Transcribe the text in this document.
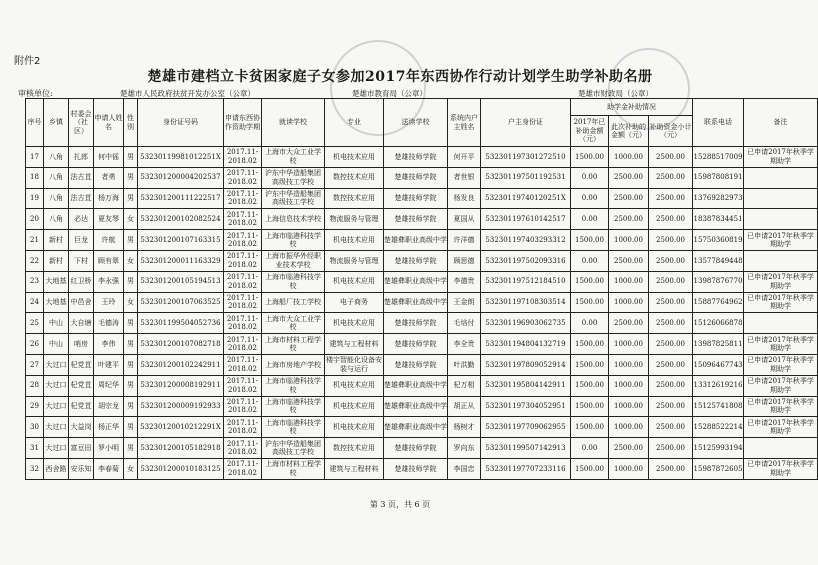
附件2
楚雄市建档立卡贫困家庭子女参加2017年东西协作行动计划学生助学补助名册
审核单位:	楚雄市人民政府扶贫开发办公室（公章）	楚雄市教育局（公章）	楚雄市财政局（公章）
序号	乡镇	村委会（社区）	申请人姓名	性别	身份证号码	申请东西协作资助学期	就读学校	专业	送读学校	系统内户主姓名	户主身份证	助学金补助情况			联系电话	备注
												2017年已补助金额（元）	此次补助的金额（元）	补助资金小计（元）		
17	八角	扎郎	何中徭	男	53230119981012251X	2017.11-2018.02	上海市大众工业学校	机电技术应用	楚雄技师学院	何开平	532301197301272510	1500.00	1000.00	2500.00	15288517009	已申请2017年秋季学期助学
18	八角	法古苴	者勇	男	532301200004202537	2017.11-2018.02	沪东中华造船集团高级技工学校	数控技术应用	楚雄技师学院	者世银	532301197501192531	0.00	2500.00	2500.00	15987808191	
19	八角	法古苴	杨万海	男	532301200111222517	2017.11-2018.02	沪东中华造船集团高级技工学校	数控技术应用	楚雄技师学院	杨发良	53230119740120251X	0.00	2500.00	2500.00	13769282973	
20	八角	必达	夏友琴	女	532301200102082524	2017.11-2018.02	上海信息技术学校	物流服务与管理	楚雄技师学院	夏国从	532301197610142517	0.00	2500.00	2500.00	18387834451	
21	新村	巨龙	许航	男	532301200107163315	2017.11-2018.02	上海市临港科技学校	机电技术应用	楚雄彝职业高级中学	许洋德	532301197403293312	1500.00	1000.00	2500.00	15750360819	已申请2017年秋季学期助学
22	新村	下村	顾有翠	女	532301200011163329	2017.11-2018.02	上海市振华外经职业技术学校	物流服务与管理	楚雄技师学院	顾思德	532301197502093316	0.00	2500.00	2500.00	13577849448	
23	大地基	红卫桥	李永强	男	532301200105194513	2017.11-2018.02	上海市临港科技学校	机电技术应用	楚雄彝职业高级中学	李德贵	532301197512184510	1500.00	1000.00	2500.00	13987876770	已申请2017年秋季学期助学
24	大地基	中邑舍	王玲	女	532301200107063525	2017.11-2018.02	上海船厂技工学校	电子商务	楚雄彝职业高级中学	王金朗	532301197108303514	1500.00	1000.00	2500.00	15887764962	已申请2017年秋季学期助学
25	中山	大自塘	毛德涛	男	532301199504052736	2017.11-2018.02	上海市大众工业学校	机电技术应用	楚雄技师学院	毛培付	532301196903062735	0.00	2500.00	2500.00	15126066878	
26	中山	哨房	李伟	男	532301200107082718	2017.11-2018.02	上海市材料工程学校	建筑与工程材料	楚雄技师学院	李全贵	532301194804132719	1500.00	1000.00	2500.00	13987825811	已申请2017年秋季学期助学
27	大过口	杞党苴	叶建平	男	532301200102242911	2017.11-2018.02	上海市房地产学校	楼宇智能化设备安装与运行	楚雄技师学院	叶洪勤	532301197809052914	1500.00	1000.00	2500.00	15096467743	已申请2017年秋季学期助学
28	大过口	杞党苴	周纪华	男	532301200008192911	2017.11-2018.02	上海市临港科技学校	机电技术应用	楚雄彝职业高级中学	杞万相	532301195804142911	1500.00	1000.00	2500.00	13312619216	已申请2017年秋季学期助学
29	大过口	杞党苴	胡宗龙	男	532301200009192933	2017.11-2018.02	上海市临港科技学校	机电技术应用	楚雄彝职业高级中学	胡正从	532301197304052951	1500.00	1000.00	2500.00	15125741808	已申请2017年秋季学期助学
30	大过口	大益岗	杨正华	男	53230120010212291X	2017.11-2018.02	上海市临港科技学校	机电技术应用	楚雄彝职业高级中学	杨树才	532301197709062955	1500.00	1000.00	2500.00	15288522214	已申请2017年秋季学期助学
31	大过口	富豆田	罗小明	男	532301200105182918	2017.11-2018.02	沪东中华造船集团高级技工学校	数控技术应用	楚雄技师学院	罗向东	532301199507142913	0.00	2500.00	2500.00	15125993194	
32	西舍路	安乐知	李春菊	女	532301200010183125	2017.11-2018.02	上海市材料工程学校	建筑与工程材料	楚雄技师学院	李国忠	532301197707233116	1500.00	1000.00	2500.00	15987872605	已申请2017年秋季学期助学
第 3 页，共 6 页
